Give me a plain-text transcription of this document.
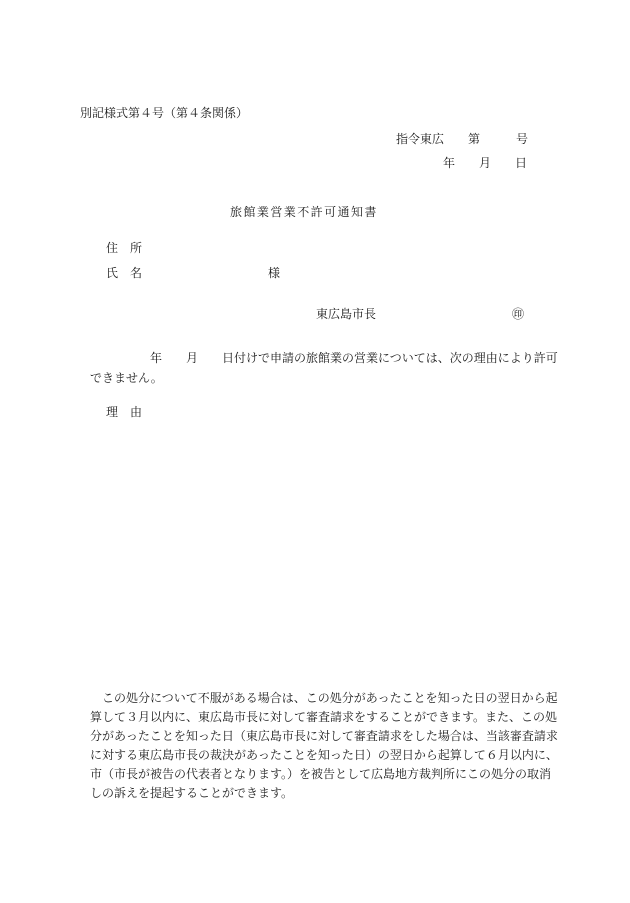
別記様式第４号（第４条関係）
指令東広　　第　　　号
年　　月　　日
旅館業営業不許可通知書
住　所
氏　名	様
東広島市長	㊞
　　　　　年　　月　　日付けで申請の旅館業の営業については、次の理由により許可
できません。
理　由
　この処分について不服がある場合は、この処分があったことを知った日の翌日から起
算して３月以内に、東広島市長に対して審査請求をすることができます。また、この処
分があったことを知った日（東広島市長に対して審査請求をした場合は、当該審査請求
に対する東広島市長の裁決があったことを知った日）の翌日から起算して６月以内に、
市（市長が被告の代表者となります。）を被告として広島地方裁判所にこの処分の取消
しの訴えを提起することができます。
